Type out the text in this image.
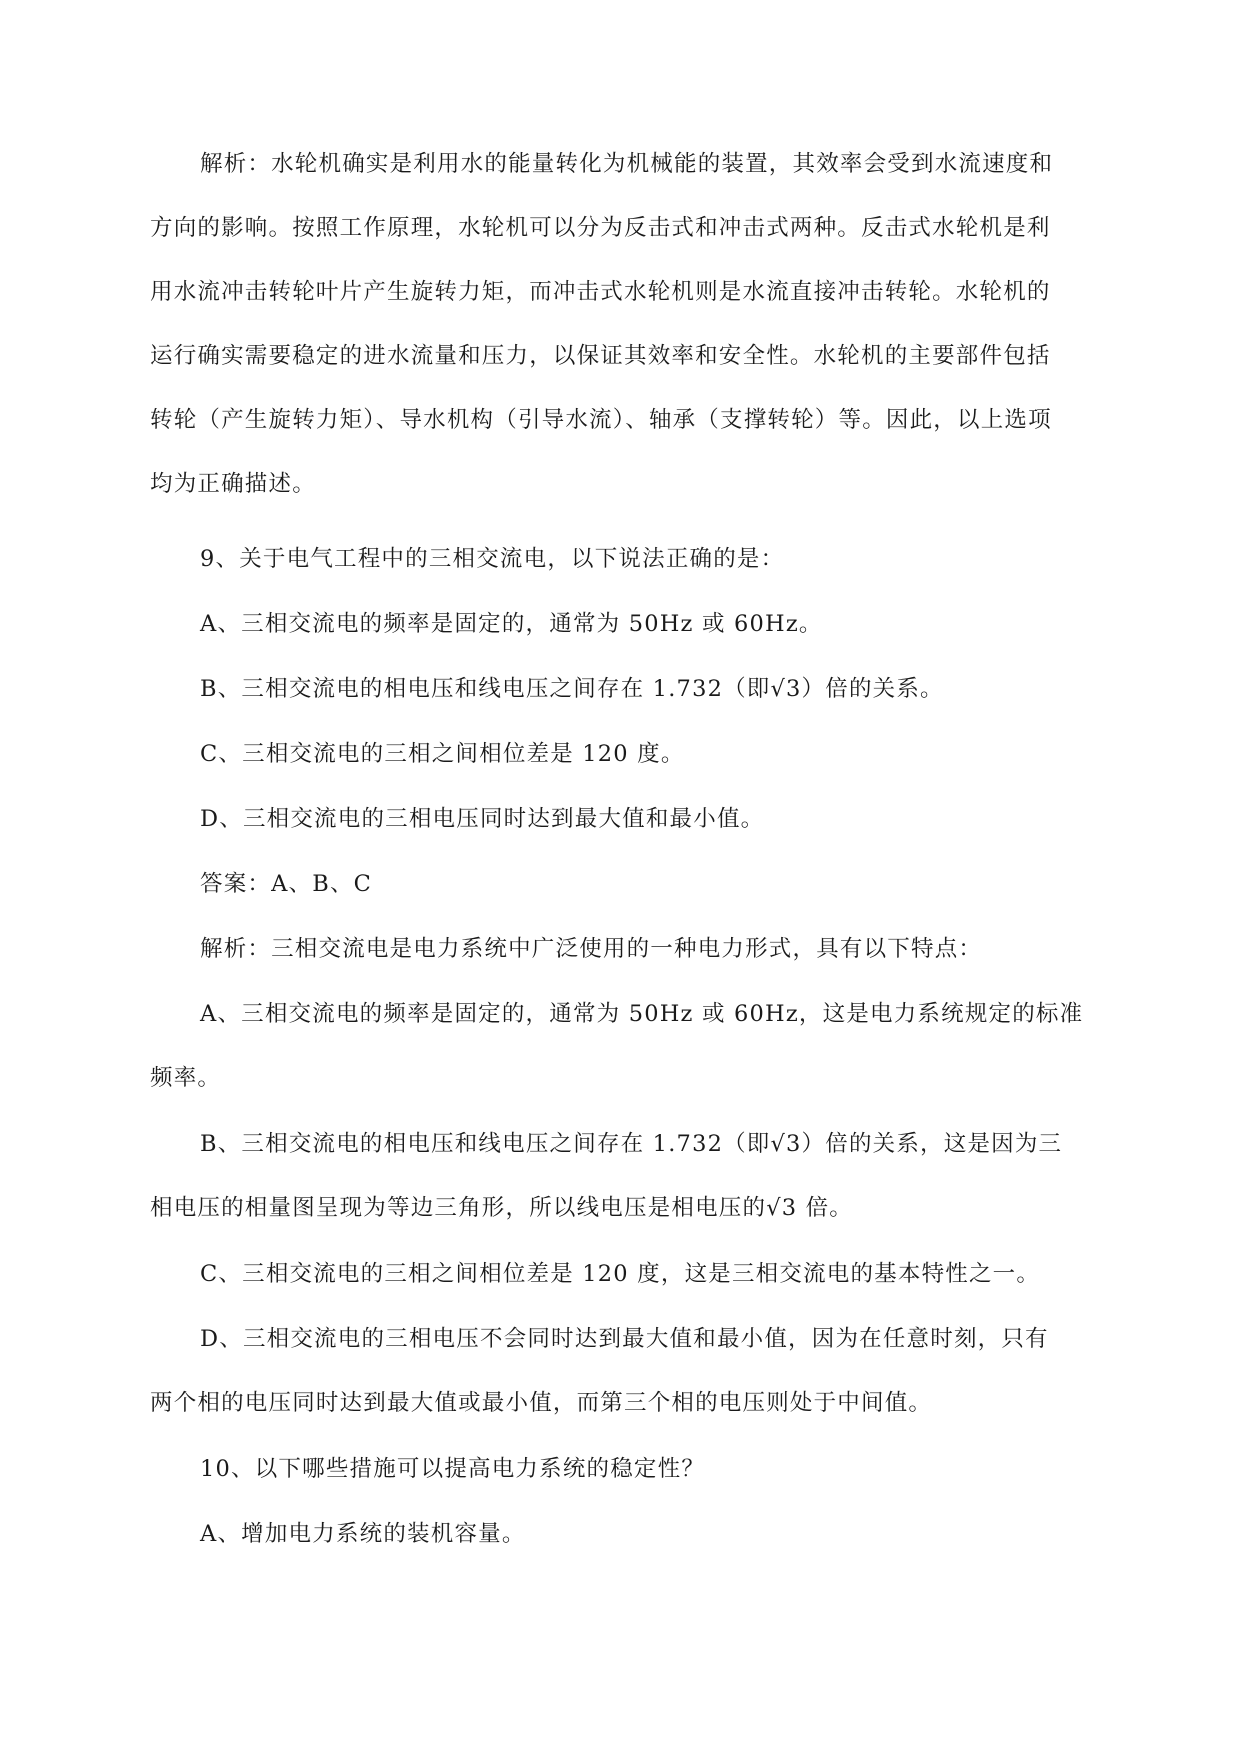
解析：水轮机确实是利用水的能量转化为机械能的装置，其效率会受到水流速度和
方向的影响。按照工作原理，水轮机可以分为反击式和冲击式两种。反击式水轮机是利
用水流冲击转轮叶片产生旋转力矩，而冲击式水轮机则是水流直接冲击转轮。水轮机的
运行确实需要稳定的进水流量和压力，以保证其效率和安全性。水轮机的主要部件包括
转轮（产生旋转力矩）、导水机构（引导水流）、轴承（支撑转轮）等。因此，以上选项
均为正确描述。

9、关于电气工程中的三相交流电，以下说法正确的是：

A、三相交流电的频率是固定的，通常为 50Hz 或 60Hz。

B、三相交流电的相电压和线电压之间存在 1.732（即√3）倍的关系。

C、三相交流电的三相之间相位差是 120 度。

D、三相交流电的三相电压同时达到最大值和最小值。

答案：A、B、C

解析：三相交流电是电力系统中广泛使用的一种电力形式，具有以下特点：

A、三相交流电的频率是固定的，通常为 50Hz 或 60Hz，这是电力系统规定的标准
频率。

B、三相交流电的相电压和线电压之间存在 1.732（即√3）倍的关系，这是因为三
相电压的相量图呈现为等边三角形，所以线电压是相电压的√3 倍。

C、三相交流电的三相之间相位差是 120 度，这是三相交流电的基本特性之一。

D、三相交流电的三相电压不会同时达到最大值和最小值，因为在任意时刻，只有
两个相的电压同时达到最大值或最小值，而第三个相的电压则处于中间值。

10、以下哪些措施可以提高电力系统的稳定性？

A、增加电力系统的装机容量。
